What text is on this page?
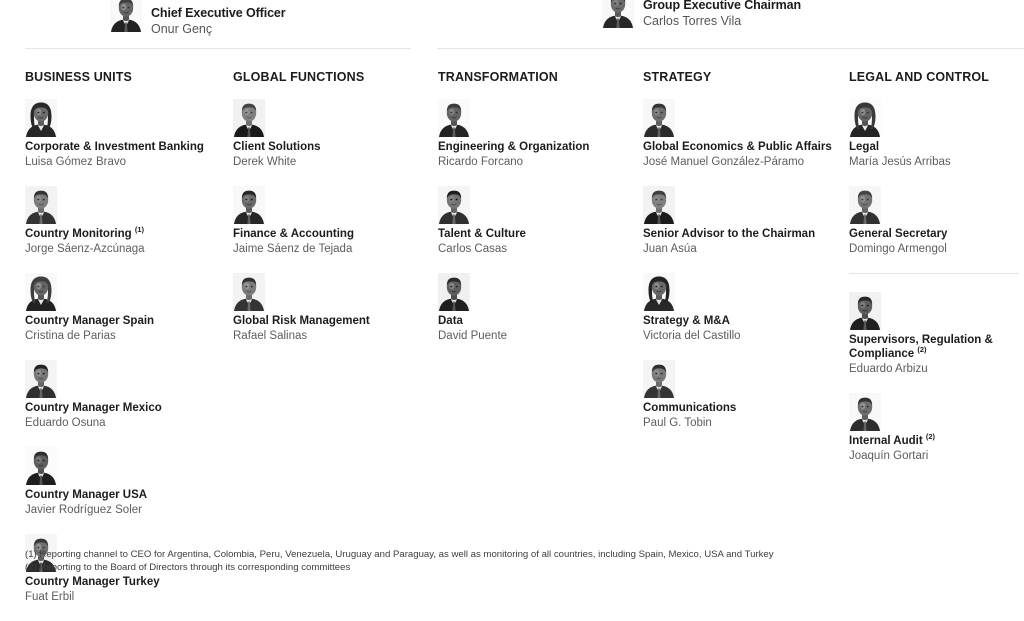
Chief Executive Officer
Onur Genç
Group Executive Chairman
Carlos Torres Vila
BUSINESS UNITS
Corporate & Investment Banking
Luisa Gómez Bravo
Country Monitoring $^{(1)}$
Jorge Sáenz-Azcúnaga
Country Manager Spain
Cristina de Parias
Country Manager Mexico
Eduardo Osuna
Country Manager USA
Javier Rodríguez Soler
Country Manager Turkey
Fuat Erbil
GLOBAL FUNCTIONS
Client Solutions
Derek White
Finance & Accounting
Jaime Sáenz de Tejada
Global Risk Management
Rafael Salinas
TRANSFORMATION
Engineering & Organization
Ricardo Forcano
Talent & Culture
Carlos Casas
Data
David Puente
STRATEGY
Global Economics & Public Affairs
José Manuel González-Páramo
Senior Advisor to the Chairman
Juan Asúa
Strategy & M&A
Victoria del Castillo
Communications
Paul G. Tobin
LEGAL AND CONTROL
Legal
María Jesús Arribas
General Secretary
Domingo Armengol
Supervisors, Regulation & Compliance $^{(2)}$
Eduardo Arbizu
Internal Audit $^{(2)}$
Joaquín Gortari
(1) Reporting channel to CEO for Argentina, Colombia, Peru, Venezuela, Uruguay and Paraguay, as well as monitoring of all countries, including Spain, Mexico, USA and Turkey
(2) Reporting to the Board of Directors through its corresponding committees
